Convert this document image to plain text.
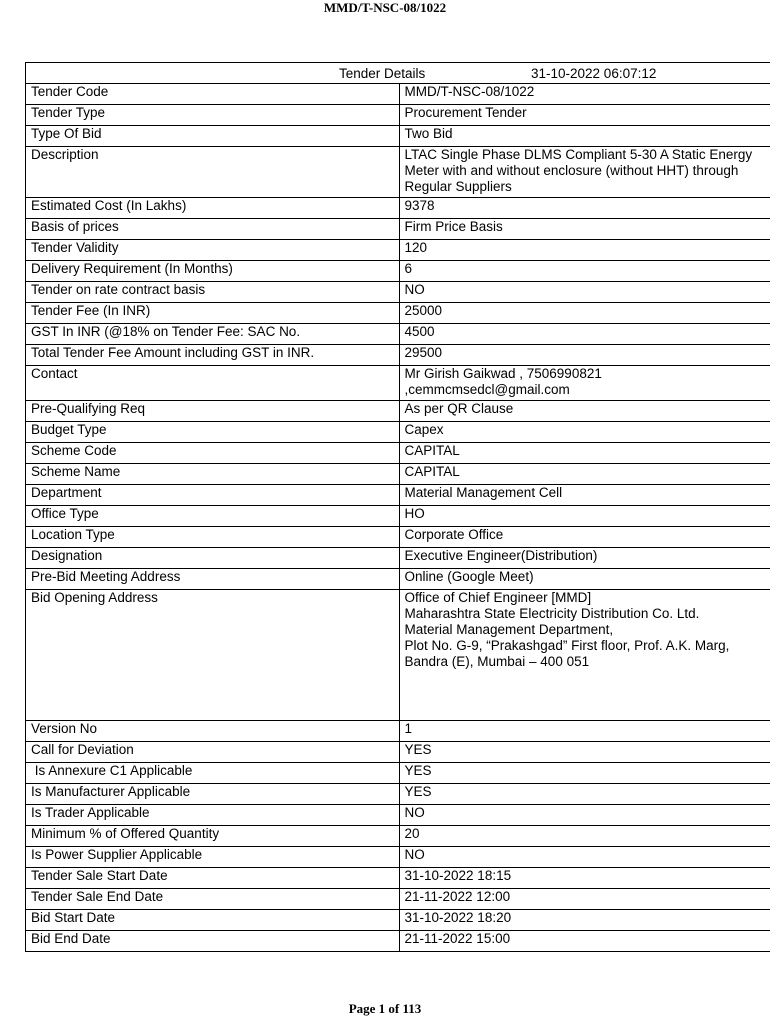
MMD/T-NSC-08/1022
Tender Details 31-10-2022 06:07:12	

Tender Code	MMD/T-NSC-08/1022
Tender Type	Procurement Tender
Type Of Bid	Two Bid
Description	LTAC Single Phase DLMS Compliant 5-30 A Static Energy Meter with and without enclosure (without HHT) through Regular Suppliers
Estimated Cost (In Lakhs)	9378
Basis of prices	Firm Price Basis
Tender Validity	120
Delivery Requirement (In Months)	6
Tender on rate contract basis	NO
Tender Fee (In INR)	25000
GST In INR (@18% on Tender Fee: SAC No.	4500
Total Tender Fee Amount including GST in INR.	29500
Contact	Mr Girish Gaikwad , 7506990821 ,cemmcmsedcl@gmail.com
Pre-Qualifying Req	As per QR Clause
Budget Type	Capex
Scheme Code	CAPITAL
Scheme Name	CAPITAL
Department	Material Management Cell
Office Type	HO
Location Type	Corporate Office
Designation	Executive Engineer(Distribution)
Pre-Bid Meeting Address	Online (Google Meet)
Bid Opening Address	Office of Chief Engineer [MMD]
Maharashtra State Electricity Distribution Co. Ltd.
Material Management Department,
Plot No. G-9, “Prakashgad” First floor, Prof. A.K. Marg,
Bandra (E), Mumbai – 400 051
Version No	1
Call for Deviation	YES
Is Annexure C1 Applicable	YES
Is Manufacturer Applicable	YES
Is Trader Applicable	NO
Minimum % of Offered Quantity	20
Is Power Supplier Applicable	NO
Tender Sale Start Date	31-10-2022 18:15
Tender Sale End Date	21-11-2022 12:00
Bid Start Date	31-10-2022 18:20
Bid End Date	21-11-2022 15:00
Page 1 of 113
